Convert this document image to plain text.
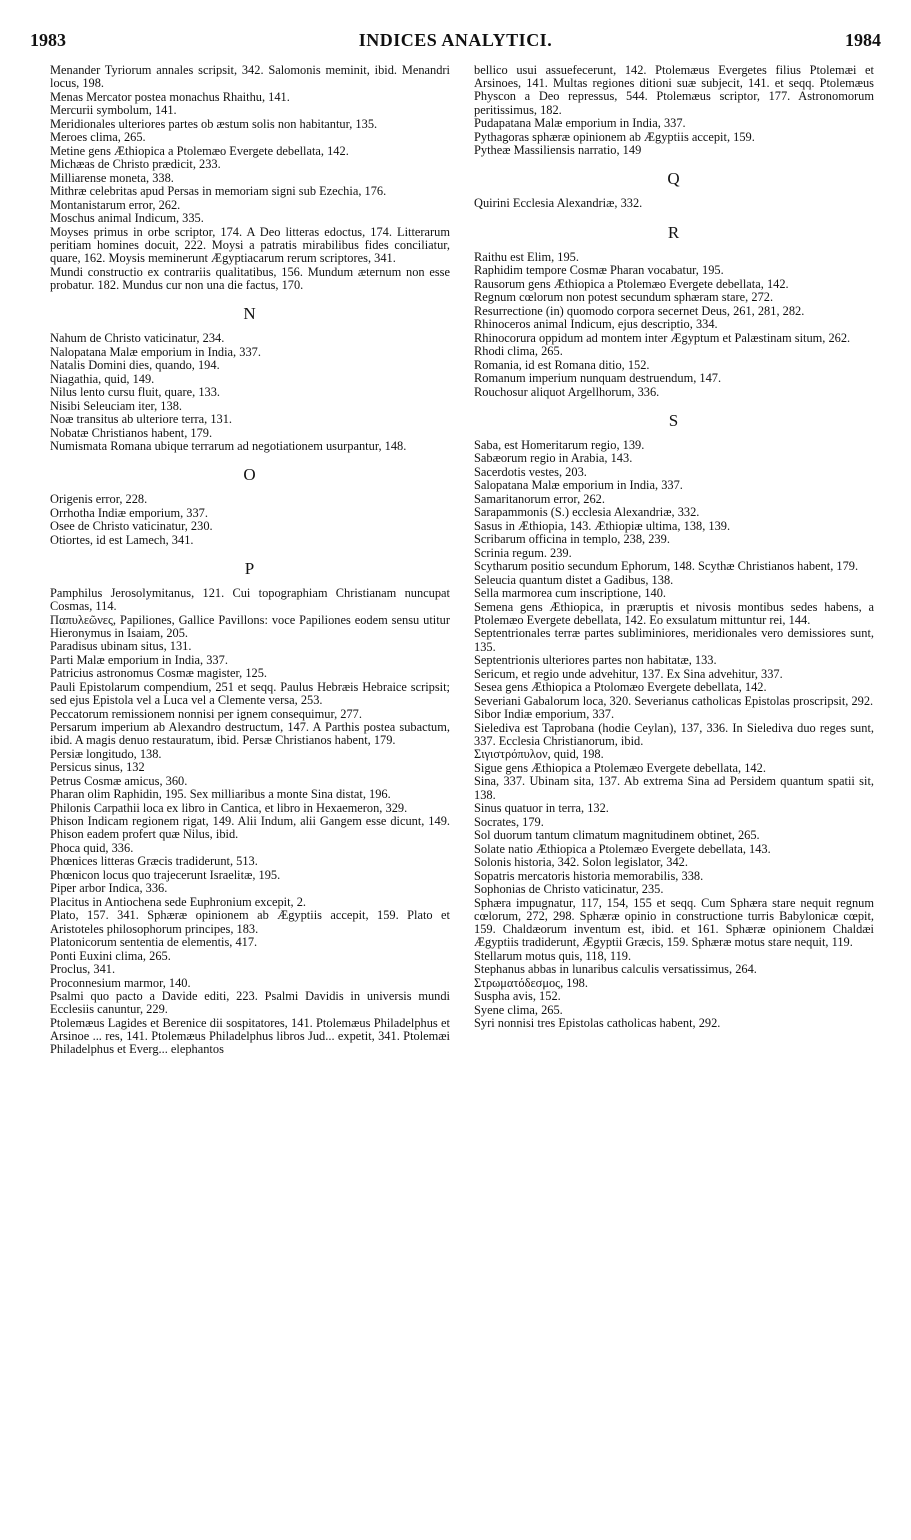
1983	INDICES ANALYTICI.	1984
Menander Tyriorum annales scripsit, 342. Salomonis meminit, ibid. Menandri locus, 198.
Menas Mercator postea monachus Rhaithu, 141.
Mercurii symbolum, 141.
Meridionales ulteriores partes ob æstum solis non habitantur, 135.
Meroes clima, 265.
Metine gens Æthiopica a Ptolemæo Evergete debellata, 142.
Michæas de Christo prædicit, 233.
Milliarense moneta, 338.
Mithræ celebritas apud Persas in memoriam signi sub Ezechia, 176.
Montanistarum error, 262.
Moschus animal Indicum, 335.
Moyses primus in orbe scriptor, 174. A Deo litteras edoctus, 174. Litterarum peritiam homines docuit, 222. Moysi a patratis mirabilibus fides conciliatur, quare, 162. Moysis meminerunt Ægyptiacarum rerum scriptores, 341.
Mundi constructio ex contrariis qualitatibus, 156. Mundum æternum non esse probatur. 182. Mundus cur non una die factus, 170.
N
Nahum de Christo vaticinatur, 234.
Nalopatana Malæ emporium in India, 337.
Natalis Domini dies, quando, 194.
Niagathia, quid, 149.
Nilus lento cursu fluit, quare, 133.
Nisibi Seleuciam iter, 138.
Noæ transitus ab ulteriore terra, 131.
Nobatæ Christianos habent, 179.
Numismata Romana ubique terrarum ad negotiationem usurpantur, 148.
O
Origenis error, 228.
Orrhotha Indiæ emporium, 337.
Osee de Christo vaticinatur, 230.
Otiortes, id est Lamech, 341.
P
Pamphilus Jerosolymitanus, 121. Cui topographiam Christianam nuncupat Cosmas, 114.
Παπυλεῶνες, Papiliones, Gallice Pavillons: voce Papiliones eodem sensu utitur Hieronymus in Isaiam, 205.
Paradisus ubinam situs, 131.
Parti Malæ emporium in India, 337.
Patricius astronomus Cosmæ magister, 125.
Pauli Epistolarum compendium, 251 et seqq. Paulus Hebræis Hebraice scripsit; sed ejus Epistola vel a Luca vel a Clemente versa, 253.
Peccatorum remissionem nonnisi per ignem consequimur, 277.
Persarum imperium ab Alexandro destructum, 147. A Parthis postea subactum, ibid. A magis denuo restauratum, ibid. Persæ Christianos habent, 179.
Persiæ longitudo, 138.
Persicus sinus, 132
Petrus Cosmæ amicus, 360.
Pharan olim Raphidin, 195. Sex milliaribus a monte Sina distat, 196.
Philonis Carpathii loca ex libro in Cantica, et libro in Hexaemeron, 329.
Phison Indicam regionem rigat, 149. Alii Indum, alii Gangem esse dicunt, 149. Phison eadem profert quæ Nilus, ibid.
Phoca quid, 336.
Phœnices litteras Græcis tradiderunt, 513.
Phœnicon locus quo trajecerunt Israelitæ, 195.
Piper arbor Indica, 336.
Placitus in Antiochena sede Euphronium excepit, 2.
Plato, 157. 341. Sphæræ opinionem ab Ægyptiis accepit, 159. Plato et Aristoteles philosophorum principes, 183.
Platonicorum sententia de elementis, 417.
Ponti Euxini clima, 265.
Proclus, 341.
Proconnesium marmor, 140.
Psalmi quo pacto a Davide editi, 223. Psalmi Davidis in universis mundi Ecclesiis canuntur, 229.
Ptolemæus Lagides et Berenice dii sospitatores, 141. Ptolemæus Philadelphus et Arsinoe ... res, 141. Ptolemæus Philadelphus libros Jud... expetit, 341. Ptolemæi Philadelphus et Everg... elephantos
bellico usui assuefecerunt, 142. Ptolemæus Evergetes filius Ptolemæi et Arsinoes, 141. Multas regiones ditioni suæ subjecit, 141. et seqq. Ptolemæus Physcon a Deo repressus, 544. Ptolemæus scriptor, 177. Astronomorum peritissimus, 182.
Pudapatana Malæ emporium in India, 337.
Pythagoras sphæræ opinionem ab Ægyptiis accepit, 159.
Pytheæ Massiliensis narratio, 149
Q
Quirini Ecclesia Alexandriæ, 332.
R
Raithu est Elim, 195.
Raphidim tempore Cosmæ Pharan vocabatur, 195.
Rausorum gens Æthiopica a Ptolemæo Evergete debellata, 142.
Regnum cœlorum non potest secundum sphæram stare, 272.
Resurrectione (in) quomodo corpora secernet Deus, 261, 281, 282.
Rhinoceros animal Indicum, ejus descriptio, 334.
Rhinocorura oppidum ad montem inter Ægyptum et Palæstinam situm, 262.
Rhodi clima, 265.
Romania, id est Romana ditio, 152.
Romanum imperium nunquam destruendum, 147.
Rouchosur aliquot Argellhorum, 336.
S
Saba, est Homeritarum regio, 139.
Sabæorum regio in Arabia, 143.
Sacerdotis vestes, 203.
Salopatana Malæ emporium in India, 337.
Samaritanorum error, 262.
Sarapammonis (S.) ecclesia Alexandriæ, 332.
Sasus in Æthiopia, 143. Æthiopiæ ultima, 138, 139.
Scribarum officina in templo, 238, 239.
Scrinia regum. 239.
Scytharum positio secundum Ephorum, 148. Scythæ Christianos habent, 179.
Seleucia quantum distet a Gadibus, 138.
Sella marmorea cum inscriptione, 140.
Semena gens Æthiopica, in præruptis et nivosis montibus sedes habens, a Ptolemæo Evergete debellata, 142. Eo exsulatum mittuntur rei, 144.
Septentrionales terræ partes subliminiores, meridionales vero demissiores sunt, 135.
Septentrionis ulteriores partes non habitatæ, 133.
Sericum, et regio unde advehitur, 137. Ex Sina advehitur, 337.
Sesea gens Æthiopica a Ptolomæo Evergete debellata, 142.
Severiani Gabalorum loca, 320. Severianus catholicas Epistolas proscripsit, 292.
Sibor Indiæ emporium, 337.
Sielediva est Taprobana (hodie Ceylan), 137, 336. In Sielediva duo reges sunt, 337. Ecclesia Christianorum, ibid.
Σιγιστρόπυλον, quid, 198.
Sigue gens Æthiopica a Ptolemæo Evergete debellata, 142.
Sina, 337. Ubinam sita, 137. Ab extrema Sina ad Persidem quantum spatii sit, 138.
Sinus quatuor in terra, 132.
Socrates, 179.
Sol duorum tantum climatum magnitudinem obtinet, 265.
Solate natio Æthiopica a Ptolemæo Evergete debellata, 143.
Solonis historia, 342. Solon legislator, 342.
Sopatris mercatoris historia memorabilis, 338.
Sophonias de Christo vaticinatur, 235.
Sphæra impugnatur, 117, 154, 155 et seqq. Cum Sphæra stare nequit regnum cœlorum, 272, 298. Sphæræ opinio in constructione turris Babylonicæ cœpit, 159. Chaldæorum inventum est, ibid. et 161. Sphæræ opinionem Chaldæi Ægyptiis tradiderunt, Ægyptii Græcis, 159. Sphæræ motus stare nequit, 119.
Stellarum motus quis, 118, 119.
Stephanus abbas in lunaribus calculis versatissimus, 264.
Στρωματόδεσμος, 198.
Suspha avis, 152.
Syene clima, 265.
Syri nonnisi tres Epistolas catholicas habent, 292.
